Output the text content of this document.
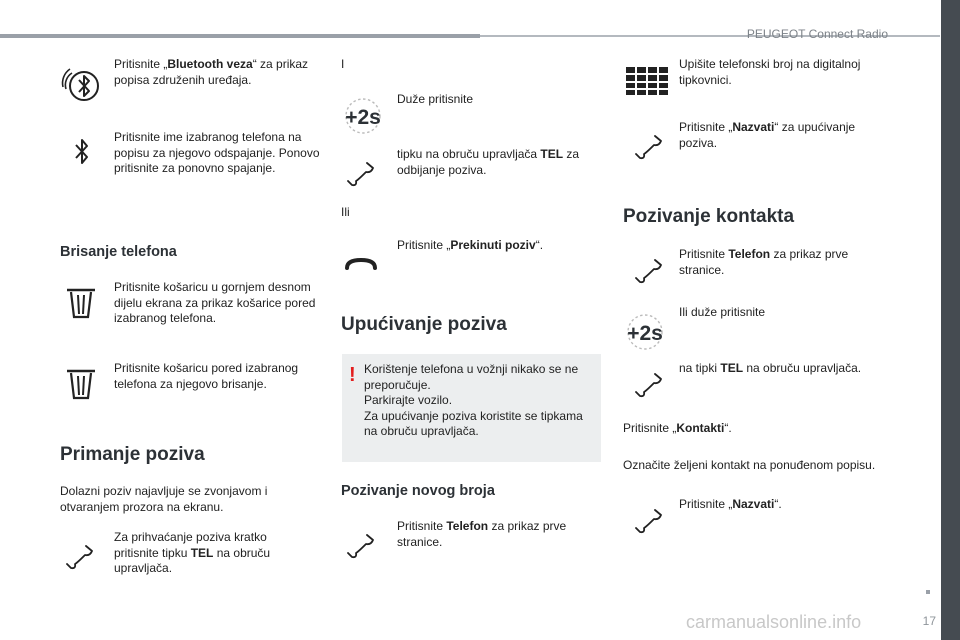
PEUGEOT Connect Radio
17
Pritisnite „Bluetooth veza“ za prikaz popisa združenih uređaja.
Pritisnite ime izabranog telefona na popisu za njegovo odspajanje. Ponovo pritisnite za ponovno spajanje.
Brisanje telefona
Pritisnite košaricu u gornjem desnom dijelu ekrana za prikaz košarice pored izabranog telefona.
Pritisnite košaricu pored izabranog telefona za njegovo brisanje.
Primanje poziva
Dolazni poziv najavljuje se zvonjavom i otvaranjem prozora na ekranu.
Za prihvaćanje poziva kratko pritisnite tipku TEL na obruču upravljača.
I
+2s
Duže pritisnite
tipku na obruču upravljača TEL za odbijanje poziva.
Ili
Pritisnite „Prekinuti poziv“.
Upućivanje poziva
! Korištenje telefona u vožnji nikako se ne preporučuje.
Parkirajte vozilo.
Za upućivanje poziva koristite se tipkama na obruču upravljača.
Pozivanje novog broja
Pritisnite Telefon za prikaz prve stranice.
Upišite telefonski broj na digitalnoj tipkovnici.
Pritisnite „Nazvati“ za upućivanje poziva.
Pozivanje kontakta
Pritisnite Telefon za prikaz prve stranice.
+2s
Ili duže pritisnite
na tipki TEL na obruču upravljača.
Pritisnite „Kontakti“.
Označite željeni kontakt na ponuđenom popisu.
Pritisnite „Nazvati“.
carmanualsonline.info
